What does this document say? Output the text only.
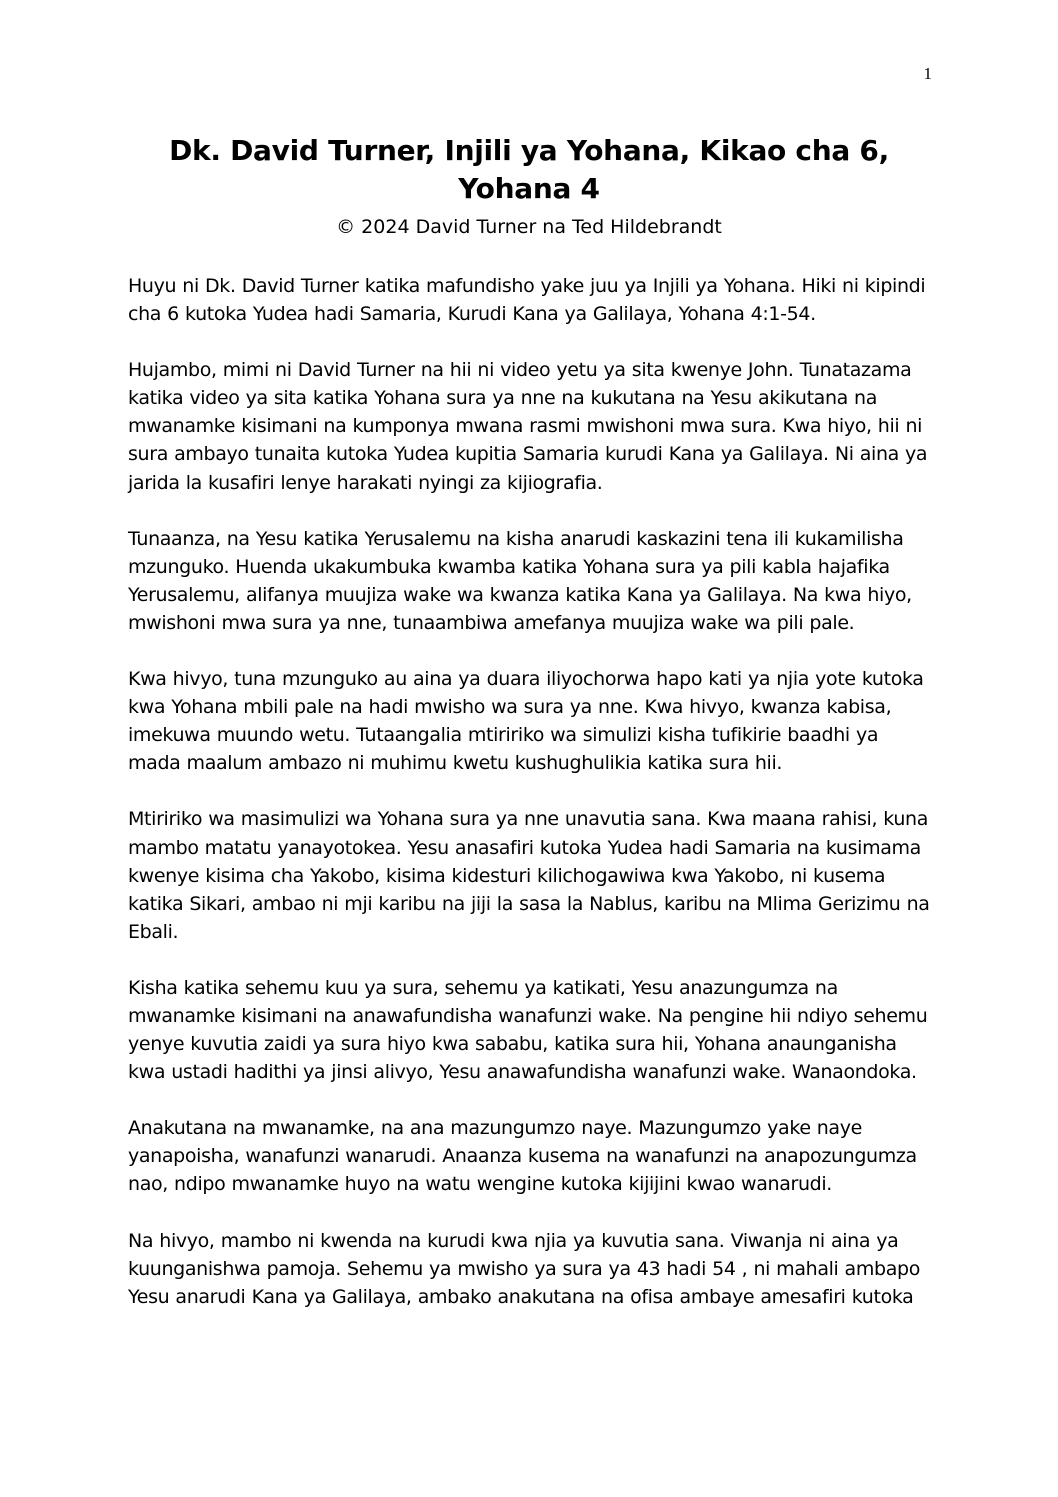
1
Dk. David Turner, Injili ya Yohana, Kikao cha 6,
Yohana 4

© 2024 David Turner na Ted Hildebrandt

Huyu ni Dk. David Turner katika mafundisho yake juu ya Injili ya Yohana. Hiki ni kipindi cha 6 kutoka Yudea hadi Samaria, Kurudi Kana ya Galilaya, Yohana 4:1-54.

Hujambo, mimi ni David Turner na hii ni video yetu ya sita kwenye John. Tunatazama katika video ya sita katika Yohana sura ya nne na kukutana na Yesu akikutana na mwanamke kisimani na kumponya mwana rasmi mwishoni mwa sura. Kwa hiyo, hii ni sura ambayo tunaita kutoka Yudea kupitia Samaria kurudi Kana ya Galilaya. Ni aina ya jarida la kusafiri lenye harakati nyingi za kijiografia.

Tunaanza, na Yesu katika Yerusalemu na kisha anarudi kaskazini tena ili kukamilisha mzunguko. Huenda ukakumbuka kwamba katika Yohana sura ya pili kabla hajafika Yerusalemu, alifanya muujiza wake wa kwanza katika Kana ya Galilaya. Na kwa hiyo, mwishoni mwa sura ya nne, tunaambiwa amefanya muujiza wake wa pili pale.

Kwa hivyo, tuna mzunguko au aina ya duara iliyochorwa hapo kati ya njia yote kutoka kwa Yohana mbili pale na hadi mwisho wa sura ya nne. Kwa hivyo, kwanza kabisa, imekuwa muundo wetu. Tutaangalia mtiririko wa simulizi kisha tufikirie baadhi ya mada maalum ambazo ni muhimu kwetu kushughulikia katika sura hii.

Mtiririko wa masimulizi wa Yohana sura ya nne unavutia sana. Kwa maana rahisi, kuna mambo matatu yanayotokea. Yesu anasafiri kutoka Yudea hadi Samaria na kusimama kwenye kisima cha Yakobo, kisima kidesturi kilichogawiwa kwa Yakobo, ni kusema katika Sikari, ambao ni mji karibu na jiji la sasa la Nablus, karibu na Mlima Gerizimu na Ebali.

Kisha katika sehemu kuu ya sura, sehemu ya katikati, Yesu anazungumza na mwanamke kisimani na anawafundisha wanafunzi wake. Na pengine hii ndiyo sehemu yenye kuvutia zaidi ya sura hiyo kwa sababu, katika sura hii, Yohana anaunganisha kwa ustadi hadithi ya jinsi alivyo, Yesu anawafundisha wanafunzi wake. Wanaondoka.

Anakutana na mwanamke, na ana mazungumzo naye. Mazungumzo yake naye yanapoisha, wanafunzi wanarudi. Anaanza kusema na wanafunzi na anapozungumza nao, ndipo mwanamke huyo na watu wengine kutoka kijijini kwao wanarudi.

Na hivyo, mambo ni kwenda na kurudi kwa njia ya kuvutia sana. Viwanja ni aina ya kuunganishwa pamoja. Sehemu ya mwisho ya sura ya 43 hadi 54 , ni mahali ambapo Yesu anarudi Kana ya Galilaya, ambako anakutana na ofisa ambaye amesafiri kutoka
